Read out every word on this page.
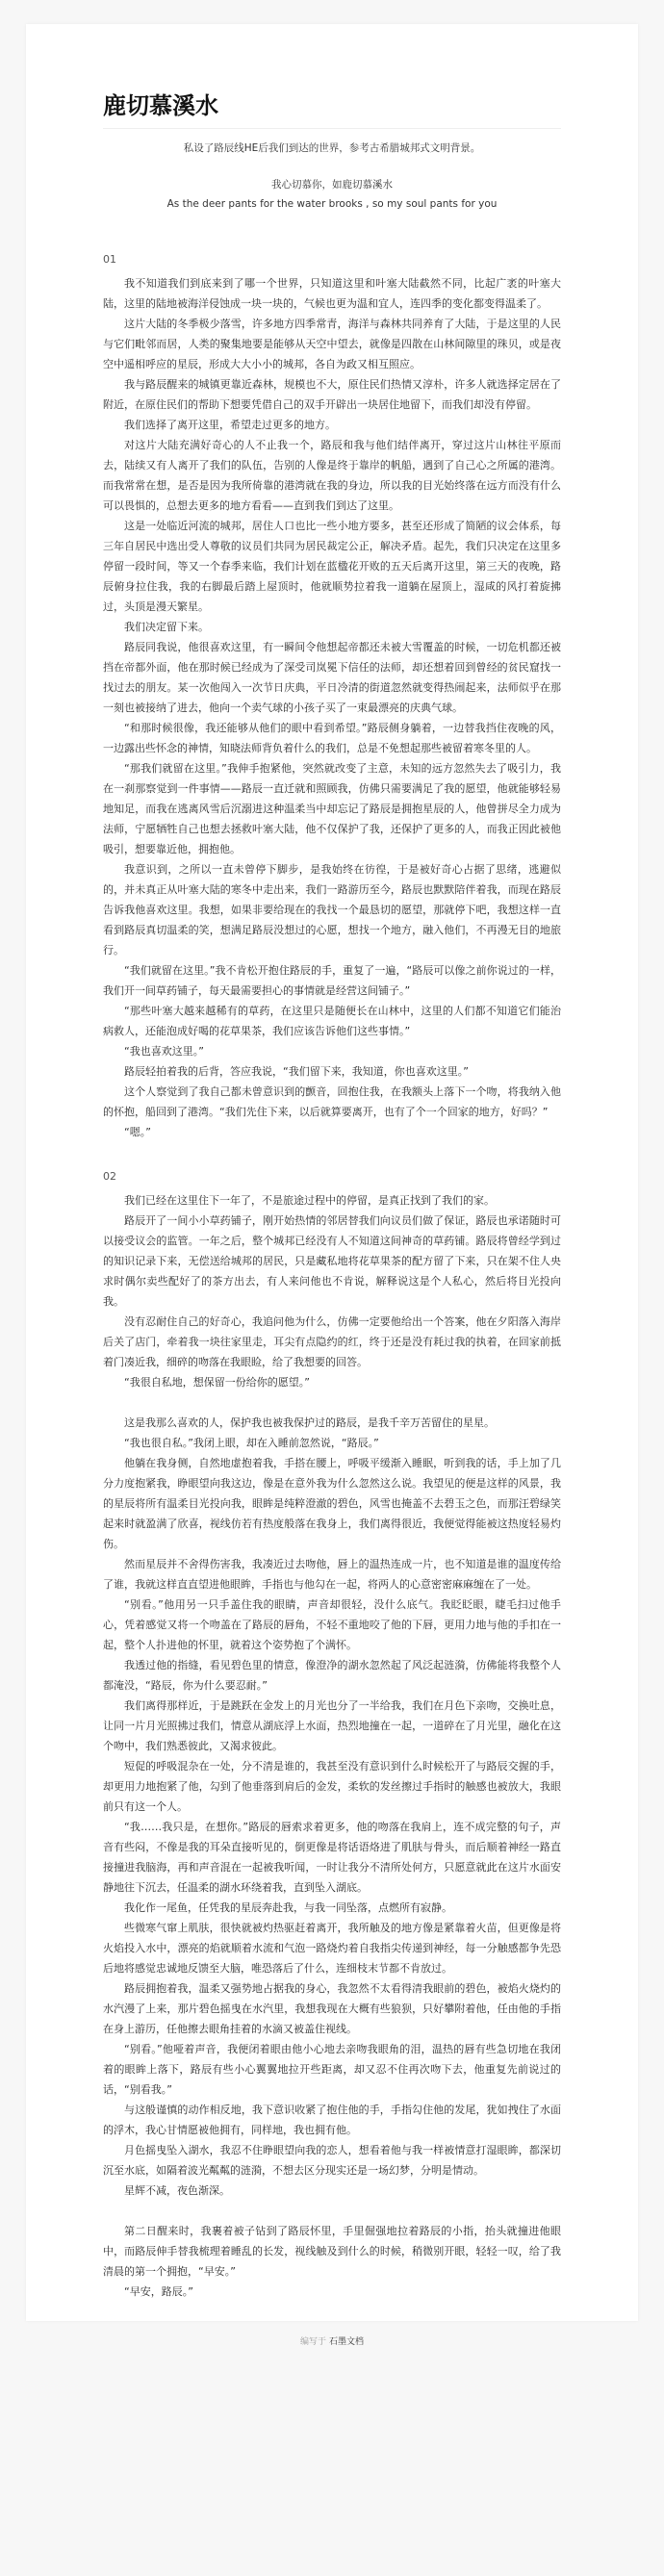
鹿切慕溪水

私设了路辰线HE后我们到达的世界，参考古希腊城邦式文明背景。

我心切慕你，如鹿切慕溪水

As the deer pants for the water brooks , so my soul pants for you

01

我不知道我们到底来到了哪一个世界，只知道这里和叶塞大陆截然不同，比起广袤的叶塞大陆，这里的陆地被海洋侵蚀成一块一块的，气候也更为温和宜人，连四季的变化都变得温柔了。

这片大陆的冬季极少落雪，许多地方四季常青，海洋与森林共同养育了大陆，于是这里的人民与它们毗邻而居，人类的聚集地要是能够从天空中望去，就像是四散在山林间隙里的珠贝，或是夜空中遥相呼应的星辰，形成大大小小的城邦，各自为政又相互照应。

我与路辰醒来的城镇更靠近森林，规模也不大，原住民们热情又淳朴，许多人就选择定居在了附近，在原住民们的帮助下想要凭借自己的双手开辟出一块居住地留下，而我们却没有停留。

我们选择了离开这里，希望走过更多的地方。

对这片大陆充满好奇心的人不止我一个，路辰和我与他们结伴离开，穿过这片山林往平原而去，陆续又有人离开了我们的队伍，告别的人像是终于靠岸的帆船，遇到了自己心之所属的港湾。而我常常在想，是否是因为我所倚靠的港湾就在我的身边，所以我的目光始终落在远方而没有什么可以畏惧的，总想去更多的地方看看——直到我们到达了这里。

这是一处临近河流的城邦，居住人口也比一些小地方要多，甚至还形成了简陋的议会体系，每三年自居民中选出受人尊敬的议员们共同为居民裁定公正，解决矛盾。起先，我们只决定在这里多停留一段时间，等又一个春季来临，我们计划在蓝楹花开败的五天后离开这里，第三天的夜晚，路辰俯身拉住我，我的右脚最后踏上屋顶时，他就顺势拉着我一道躺在屋顶上，湿咸的风打着旋拂过，头顶是漫天繁星。

我们决定留下来。

路辰同我说，他很喜欢这里，有一瞬间令他想起帝都还未被大雪覆盖的时候，一切危机都还被挡在帝都外面，他在那时候已经成为了深受司岚冕下信任的法师，却还想着回到曾经的贫民窟找一找过去的朋友。某一次他闯入一次节日庆典，平日冷清的街道忽然就变得热闹起来，法师似乎在那一刻也被接纳了进去，他向一个卖气球的小孩子买了一束最漂亮的庆典气球。

“和那时候很像，我还能够从他们的眼中看到希望。”路辰侧身躺着，一边替我挡住夜晚的风，一边露出些怀念的神情，知晓法师背负着什么的我们，总是不免想起那些被留着寒冬里的人。

“那我们就留在这里。”我伸手抱紧他，突然就改变了主意，未知的远方忽然失去了吸引力，我在一刹那察觉到一件事情——路辰一直迁就和照顾我，仿佛只需要满足了我的愿望，他就能够轻易地知足，而我在逃离风雪后沉溺进这种温柔当中却忘记了路辰是拥抱星辰的人，他曾拼尽全力成为法师，宁愿牺牲自己也想去拯救叶塞大陆，他不仅保护了我，还保护了更多的人，而我正因此被他吸引，想要靠近他，拥抱他。

我意识到，之所以一直未曾停下脚步，是我始终在彷徨，于是被好奇心占据了思绪，逃避似的，并未真正从叶塞大陆的寒冬中走出来，我们一路游历至今，路辰也默默陪伴着我，而现在路辰告诉我他喜欢这里。我想，如果非要给现在的我找一个最恳切的愿望，那就停下吧，我想这样一直看到路辰真切温柔的笑，想满足路辰没想过的心愿，想找一个地方，融入他们，不再漫无目的地旅行。

“我们就留在这里。”我不肯松开抱住路辰的手，重复了一遍，“路辰可以像之前你说过的一样，我们开一间草药铺子，每天最需要担心的事情就是经营这间铺子。”

“那些叶塞大越来越稀有的草药，在这里只是随便长在山林中，这里的人们都不知道它们能治病救人，还能泡成好喝的花草果茶，我们应该告诉他们这些事情。”

“我也喜欢这里。”

路辰轻拍着我的后背，答应我说，“我们留下来，我知道，你也喜欢这里。”

这个人察觉到了我自己都未曾意识到的颤音，回抱住我，在我额头上落下一个吻，将我纳入他的怀抱，船回到了港湾。“我们先住下来，以后就算要离开，也有了个一个回家的地方，好吗？”

“嗯。”

02

我们已经在这里住下一年了，不是旅途过程中的停留，是真正找到了我们的家。

路辰开了一间小小草药铺子，刚开始热情的邻居替我们向议员们做了保证，路辰也承诺随时可以接受议会的监管。一年之后，整个城邦已经没有人不知道这间神奇的草药铺。路辰将曾经学到过的知识记录下来，无偿送给城邦的居民，只是藏私地将花草果茶的配方留了下来，只在架不住人央求时偶尔卖些配好了的茶方出去，有人来问他也不肯说，解释说这是个人私心，然后将目光投向我。

没有忍耐住自己的好奇心，我追问他为什么，仿佛一定要他给出一个答案，他在夕阳落入海岸后关了店门，牵着我一块往家里走，耳尖有点隐约的红，终于还是没有耗过我的执着，在回家前抵着门凑近我，细碎的吻落在我眼睑，给了我想要的回答。

“我很自私地，想保留一份给你的愿望。”

这是我那么喜欢的人，保护我也被我保护过的路辰，是我千辛万苦留住的星星。

“我也很自私。”我闭上眼，却在入睡前忽然说，“路辰。”

他躺在我身侧，自然地虚抱着我，手搭在腰上，呼吸平缓渐入睡眠，听到我的话，手上加了几分力度抱紧我，睁眼望向我这边，像是在意外我为什么忽然这么说。我望见的便是这样的风景，我的星辰将所有温柔目光投向我，眼眸是纯粹澄澈的碧色，风雪也掩盖不去碧玉之色，而那汪碧绿笑起来时就盈满了欣喜，视线仿若有热度般落在我身上，我们离得很近，我便觉得能被这热度轻易灼伤。

然而星辰并不舍得伤害我，我凑近过去吻他，唇上的温热连成一片，也不知道是谁的温度传给了谁，我就这样直直望进他眼眸，手指也与他勾在一起，将两人的心意密密麻麻缠在了一处。

“别看。”他用另一只手盖住我的眼睛，声音却很轻，没什么底气。我眨眨眼，睫毛扫过他手心，凭着感觉又将一个吻盖在了路辰的唇角，不轻不重地咬了他的下唇，更用力地与他的手扣在一起，整个人扑进他的怀里，就着这个姿势抱了个满怀。

我透过他的指缝，看见碧色里的情意，像澄净的湖水忽然起了风泛起涟漪，仿佛能将我整个人都淹没，“路辰，你为什么要忍耐。”

我们离得那样近，于是跳跃在金发上的月光也分了一半给我，我们在月色下亲吻，交换吐息，让同一片月光照拂过我们，情意从湖底浮上水面，热烈地撞在一起，一道碎在了月光里，融化在这个吻中，我们熟悉彼此，又渴求彼此。

短促的呼吸混杂在一处，分不清是谁的，我甚至没有意识到什么时候松开了与路辰交握的手，却更用力地抱紧了他，勾到了他垂落到肩后的金发，柔软的发丝擦过手指时的触感也被放大，我眼前只有这一个人。

“我……我只是，在想你。”路辰的唇索求着更多，他的吻落在我肩上，连不成完整的句子，声音有些闷，不像是我的耳朵直接听见的，倒更像是将话语烙进了肌肤与骨头，而后顺着神经一路直接撞进我脑海，再和声音混在一起被我听闻，一时让我分不清所处何方，只愿意就此在这片水面安静地往下沉去，任温柔的湖水环绕着我，直到坠入湖底。

我化作一尾鱼，任凭我的星辰奔赴我，与我一同坠落，点燃所有寂静。

些微寒气窜上肌肤，很快就被灼热驱赶着离开，我所触及的地方像是紧靠着火苗，但更像是将火焰投入水中，漂亮的焰就顺着水流和气泡一路烧灼着自我指尖传递到神经，每一分触感都争先恐后地将感觉忠诚地反馈至大脑，唯恐落后了什么，连细枝末节都不肯放过。

路辰拥抱着我，温柔又强势地占据我的身心，我忽然不太看得清我眼前的碧色，被焰火烧灼的水汽漫了上来，那片碧色摇曳在水汽里，我想我现在大概有些狼狈，只好攀附着他，任由他的手指在身上游历，任他擦去眼角挂着的水滴又被盖住视线。

“别看。”他哑着声音，我便闭着眼由他小心地去亲吻我眼角的泪，温热的唇有些急切地在我闭着的眼眸上落下，路辰有些小心翼翼地拉开些距离，却又忍不住再次吻下去，他重复先前说过的话，“别看我。”

与这般谨慎的动作相反地，我下意识收紧了抱住他的手，手指勾住他的发尾，犹如拽住了水面的浮木，我心甘情愿被他拥有，同样地，我也拥有他。

月色摇曳坠入湖水，我忍不住睁眼望向我的恋人，想看着他与我一样被情意打湿眼眸，都深切沉至水底，如隔着波光粼粼的涟漪，不想去区分现实还是一场幻梦，分明是情动。

星辉不减，夜色渐深。

第二日醒来时，我裹着被子钻到了路辰怀里，手里倔强地拉着路辰的小指，抬头就撞进他眼中，而路辰伸手替我梳理着睡乱的长发，视线触及到什么的时候，稍微别开眼，轻轻一叹，给了我清晨的第一个拥抱，“早安。”

“早安，路辰。”

编写于 石墨文档
